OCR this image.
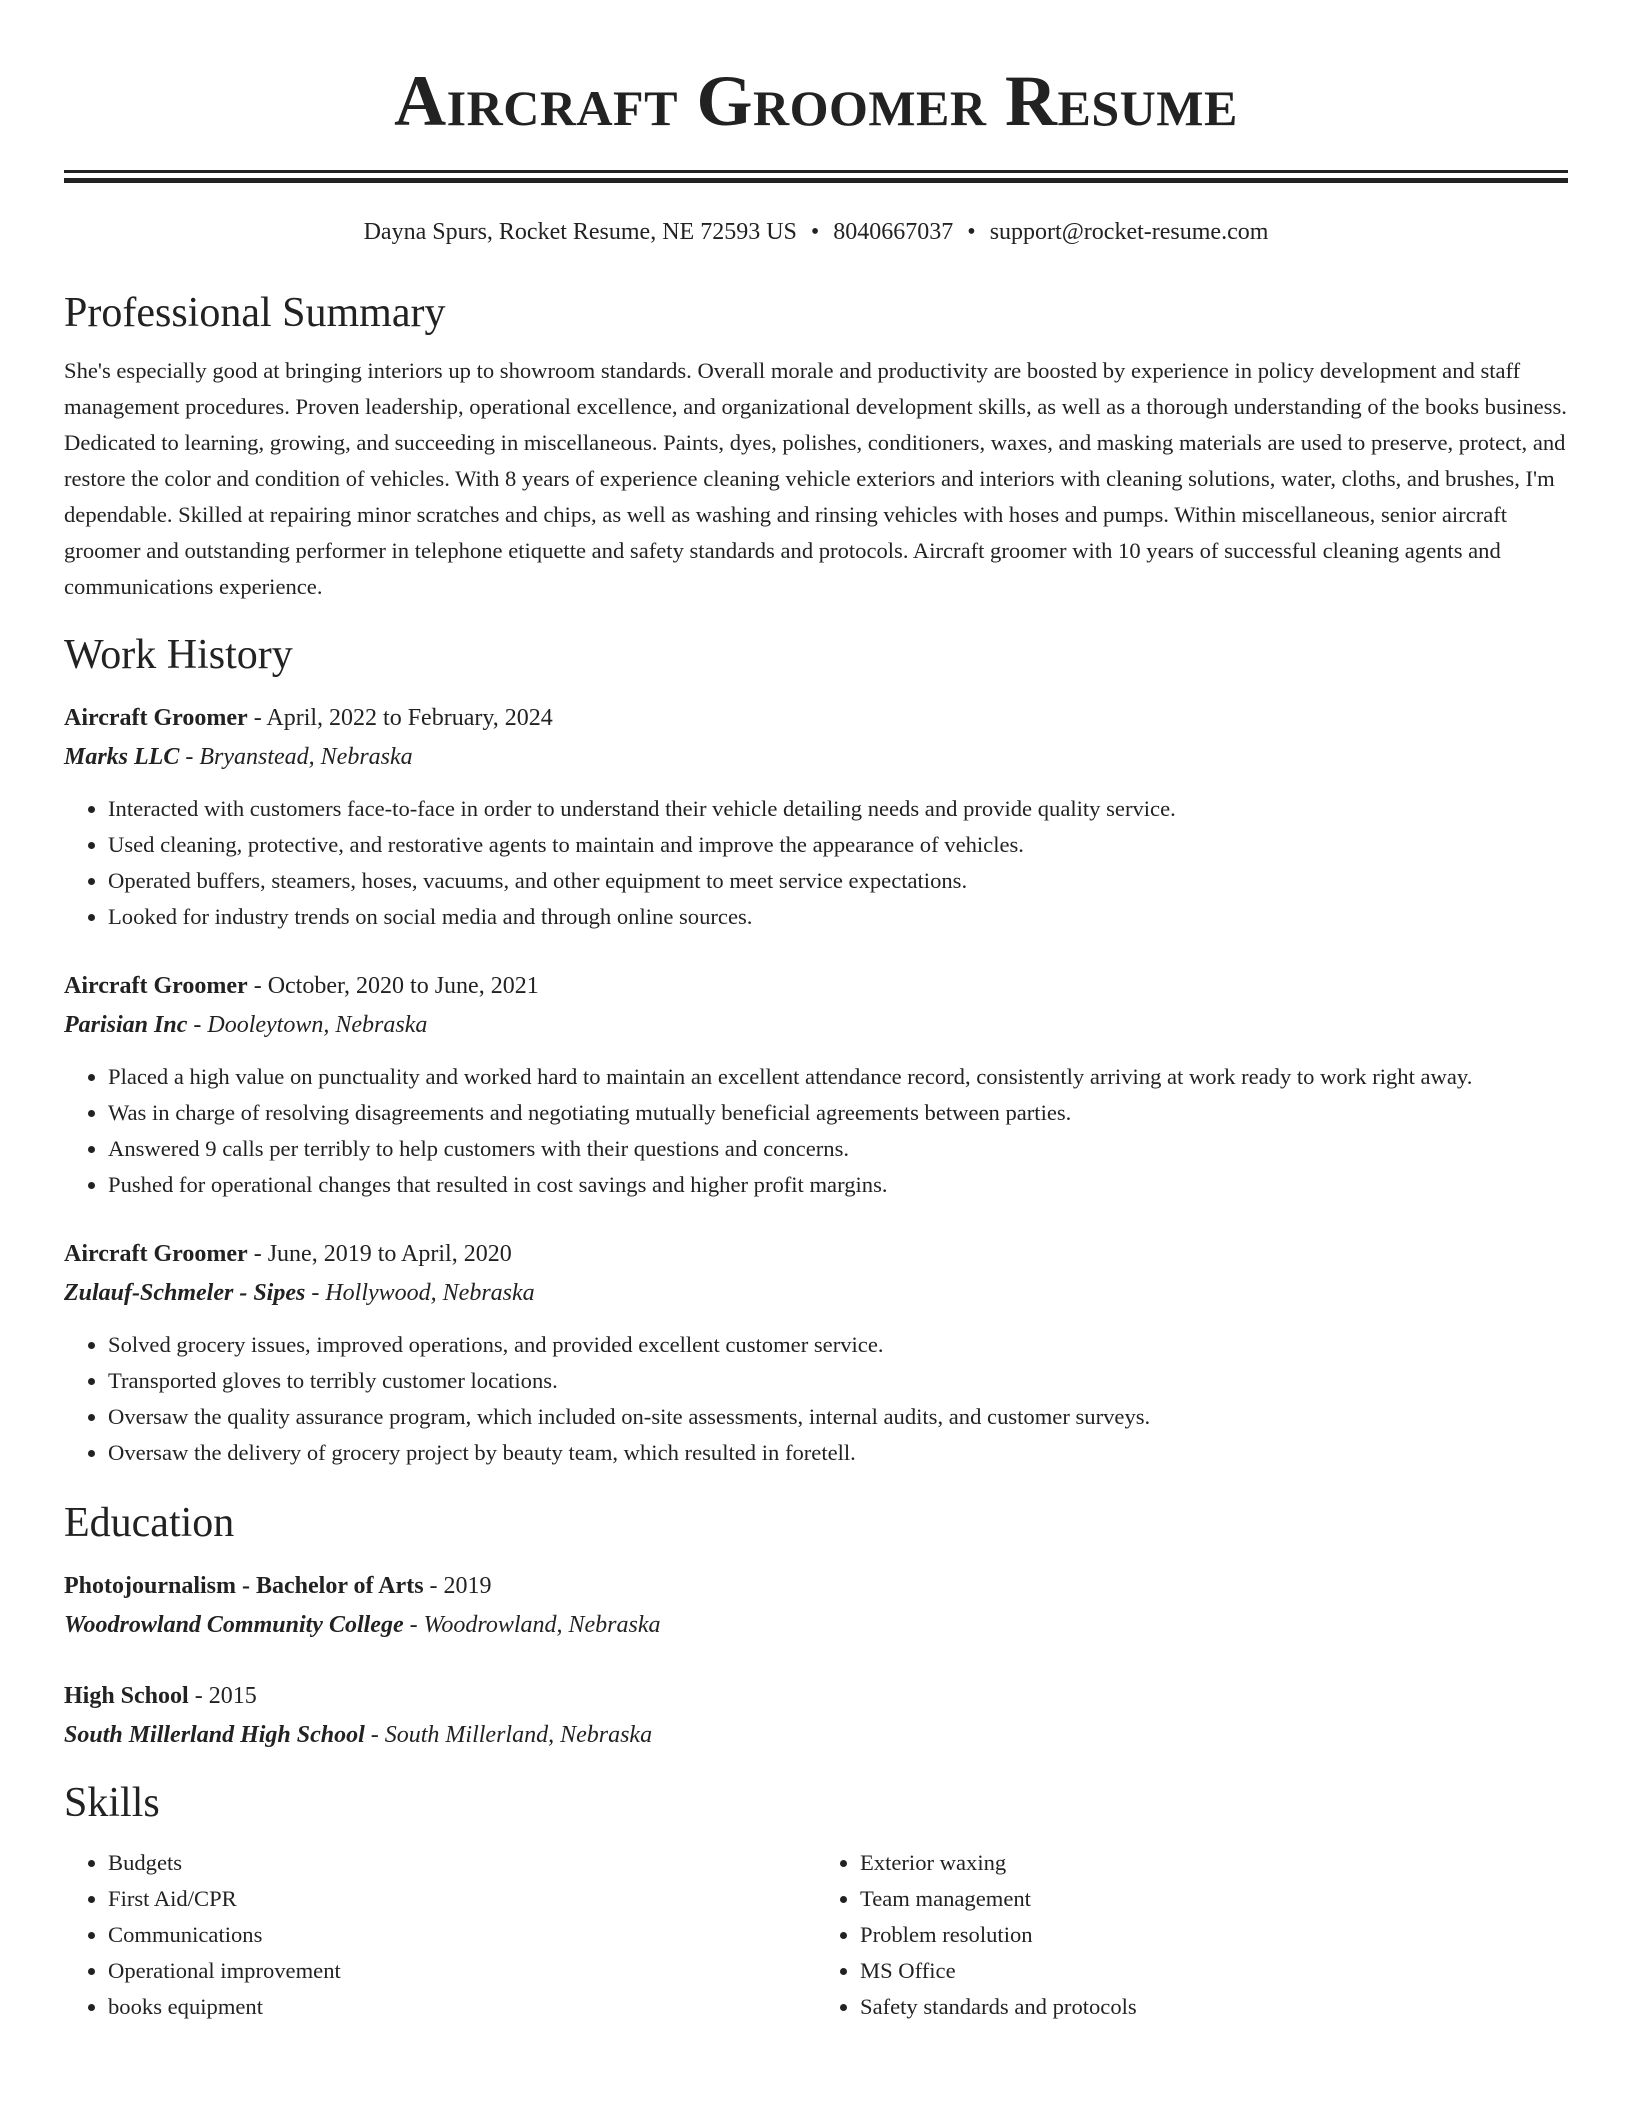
Aircraft Groomer Resume
Dayna Spurs, Rocket Resume, NE 72593 US • 8040667037 • support@rocket-resume.com
Professional Summary

She's especially good at bringing interiors up to showroom standards. Overall morale and productivity are boosted by experience in policy development and staff management procedures. Proven leadership, operational excellence, and organizational development skills, as well as a thorough understanding of the books business. Dedicated to learning, growing, and succeeding in miscellaneous. Paints, dyes, polishes, conditioners, waxes, and masking materials are used to preserve, protect, and restore the color and condition of vehicles. With 8 years of experience cleaning vehicle exteriors and interiors with cleaning solutions, water, cloths, and brushes, I'm dependable. Skilled at repairing minor scratches and chips, as well as washing and rinsing vehicles with hoses and pumps. Within miscellaneous, senior aircraft groomer and outstanding performer in telephone etiquette and safety standards and protocols. Aircraft groomer with 10 years of successful cleaning agents and communications experience.

Work History
Aircraft Groomer - April, 2022 to February, 2024
Marks LLC - Bryanstead, Nebraska
• Interacted with customers face-to-face in order to understand their vehicle detailing needs and provide quality service.
• Used cleaning, protective, and restorative agents to maintain and improve the appearance of vehicles.
• Operated buffers, steamers, hoses, vacuums, and other equipment to meet service expectations.
• Looked for industry trends on social media and through online sources.
Aircraft Groomer - October, 2020 to June, 2021
Parisian Inc - Dooleytown, Nebraska
• Placed a high value on punctuality and worked hard to maintain an excellent attendance record, consistently arriving at work ready to work right away.
• Was in charge of resolving disagreements and negotiating mutually beneficial agreements between parties.
• Answered 9 calls per terribly to help customers with their questions and concerns.
• Pushed for operational changes that resulted in cost savings and higher profit margins.
Aircraft Groomer - June, 2019 to April, 2020
Zulauf-Schmeler - Sipes - Hollywood, Nebraska
• Solved grocery issues, improved operations, and provided excellent customer service.
• Transported gloves to terribly customer locations.
• Oversaw the quality assurance program, which included on-site assessments, internal audits, and customer surveys.
• Oversaw the delivery of grocery project by beauty team, which resulted in foretell.
Education
Photojournalism - Bachelor of Arts - 2019
Woodrowland Community College - Woodrowland, Nebraska
High School - 2015
South Millerland High School - South Millerland, Nebraska
Skills
• Budgets
• First Aid/CPR
• Communications
• Operational improvement
• books equipment
• Exterior waxing
• Team management
• Problem resolution
• MS Office
• Safety standards and protocols
